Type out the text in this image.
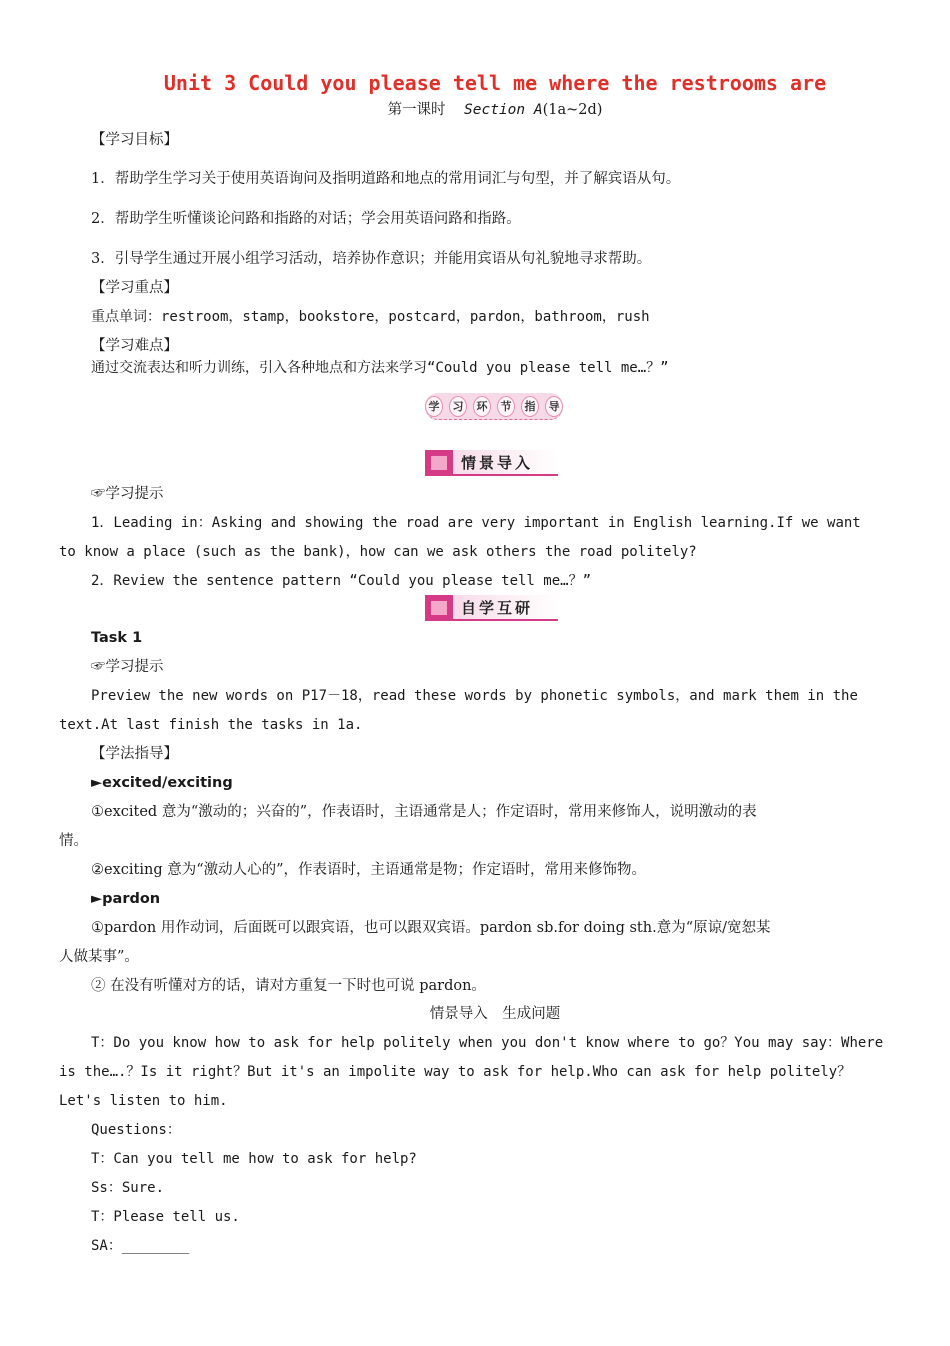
Unit 3 Could you please tell me where the restrooms are
第一课时 Section A(1a~2d)
【学习目标】
1．帮助学生学习关于使用英语询问及指明道路和地点的常用词汇与句型，并了解宾语从句。
2．帮助学生听懂谈论问路和指路的对话；学会用英语问路和指路。
3．引导学生通过开展小组学习活动，培养协作意识；并能用宾语从句礼貌地寻求帮助。
【学习重点】
重点单词：restroom，stamp，bookstore，postcard，pardon，bathroom，rush
【学习难点】
通过交流表达和听力训练，引入各种地点和方法来学习“Could you please tell me…？”
学	习	环	节	指	导
情景导入
☞学习提示
1．Leading in：Asking and showing the road are very important in English learning.If we want
to know a place (such as the bank)，how can we ask others the road politely?
2．Review the sentence pattern “Could you please tell me…？”
自学互研
Task 1
☞学习提示
Preview the new words on P17－18，read these words by phonetic symbols，and mark them in the
text.At last finish the tasks in 1a.
【学法指导】
►excited/exciting
①excited 意为“激动的；兴奋的”，作表语时，主语通常是人；作定语时，常用来修饰人，说明激动的表
情。
②exciting 意为“激动人心的”，作表语时，主语通常是物；作定语时，常用来修饰物。
►pardon
①pardon 用作动词，后面既可以跟宾语，也可以跟双宾语。pardon sb.for doing sth.意为“原谅/宽恕某
人做某事”。
② 在没有听懂对方的话，请对方重复一下时也可说 pardon。
情景导入　生成问题
T：Do you know how to ask for help politely when you don't know where to go？You may say：Where
is the….？Is it right？But it's an impolite way to ask for help.Who can ask for help politely？
Let's listen to him.
Questions：
T：Can you tell me how to ask for help?
Ss：Sure.
T：Please tell us.
SA：________
